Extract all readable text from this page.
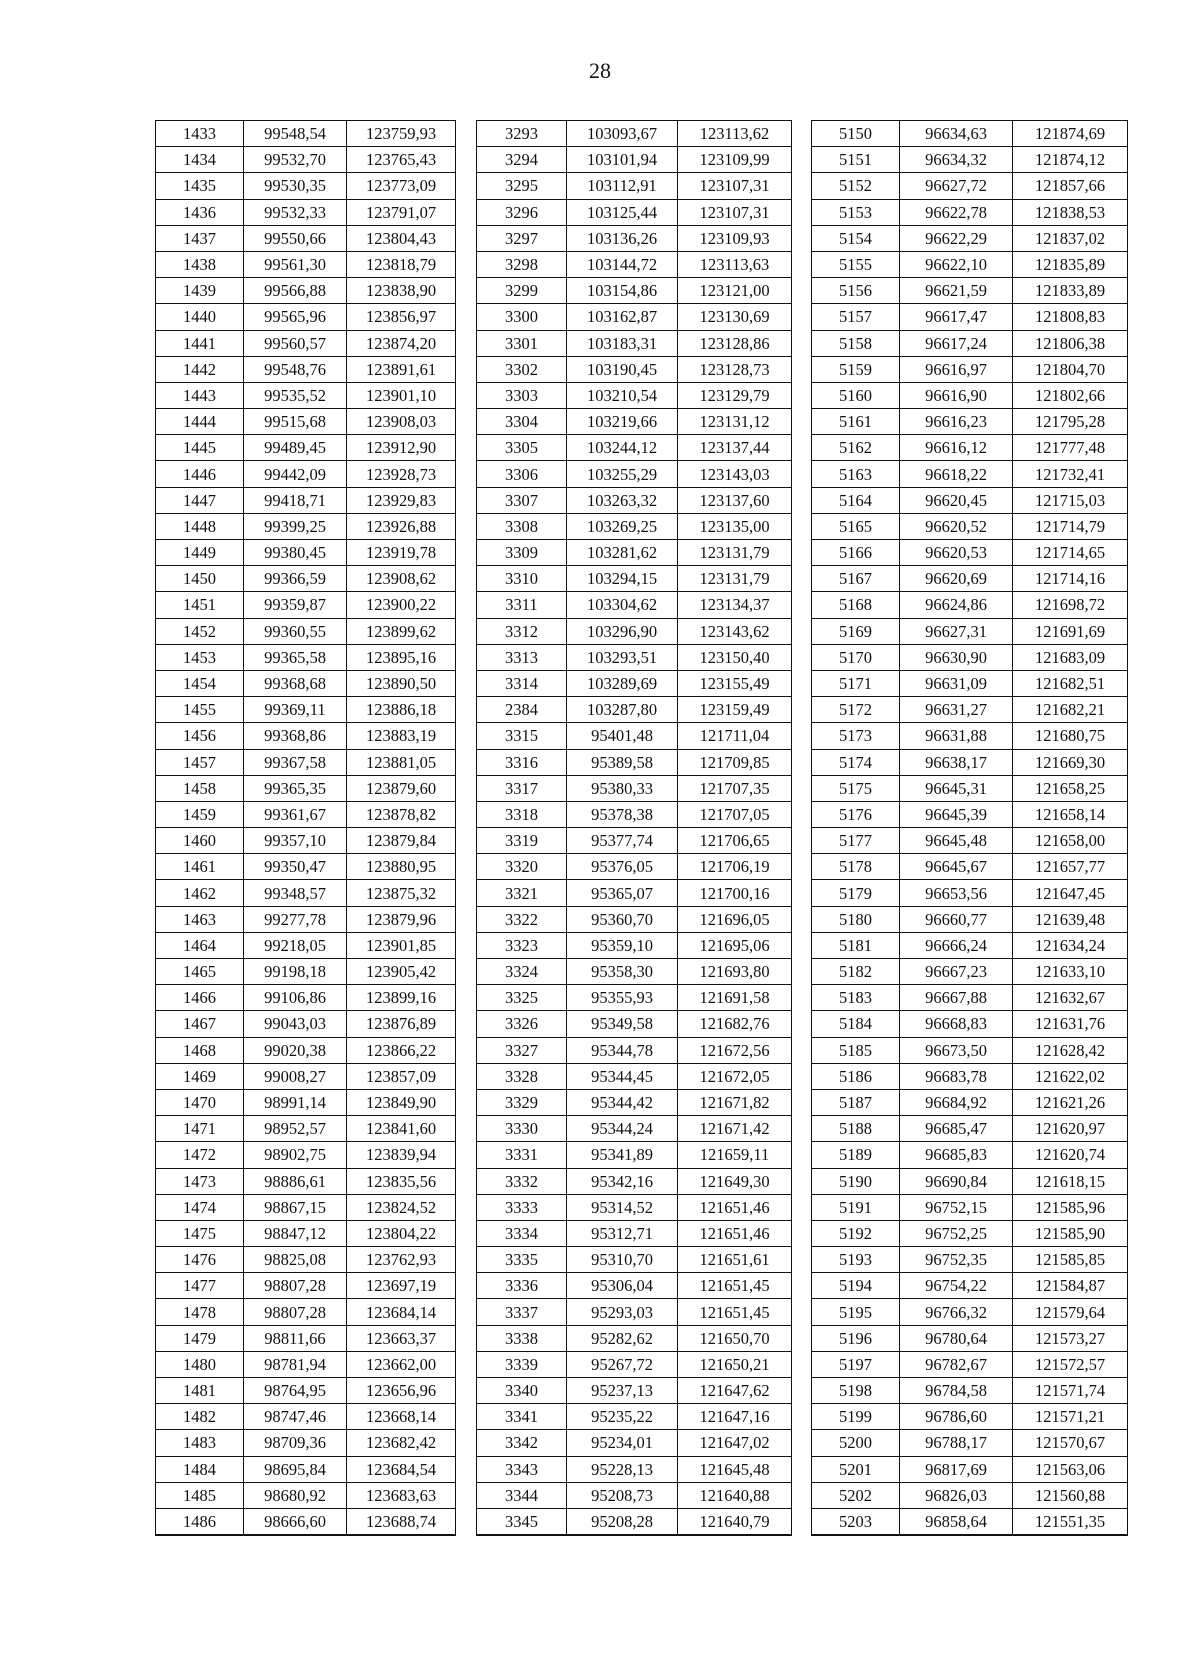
28
1433	99548,54	123759,93
1434	99532,70	123765,43
1435	99530,35	123773,09
1436	99532,33	123791,07
1437	99550,66	123804,43
1438	99561,30	123818,79
1439	99566,88	123838,90
1440	99565,96	123856,97
1441	99560,57	123874,20
1442	99548,76	123891,61
1443	99535,52	123901,10
1444	99515,68	123908,03
1445	99489,45	123912,90
1446	99442,09	123928,73
1447	99418,71	123929,83
1448	99399,25	123926,88
1449	99380,45	123919,78
1450	99366,59	123908,62
1451	99359,87	123900,22
1452	99360,55	123899,62
1453	99365,58	123895,16
1454	99368,68	123890,50
1455	99369,11	123886,18
1456	99368,86	123883,19
1457	99367,58	123881,05
1458	99365,35	123879,60
1459	99361,67	123878,82
1460	99357,10	123879,84
1461	99350,47	123880,95
1462	99348,57	123875,32
1463	99277,78	123879,96
1464	99218,05	123901,85
1465	99198,18	123905,42
1466	99106,86	123899,16
1467	99043,03	123876,89
1468	99020,38	123866,22
1469	99008,27	123857,09
1470	98991,14	123849,90
1471	98952,57	123841,60
1472	98902,75	123839,94
1473	98886,61	123835,56
1474	98867,15	123824,52
1475	98847,12	123804,22
1476	98825,08	123762,93
1477	98807,28	123697,19
1478	98807,28	123684,14
1479	98811,66	123663,37
1480	98781,94	123662,00
1481	98764,95	123656,96
1482	98747,46	123668,14
1483	98709,36	123682,42
1484	98695,84	123684,54
1485	98680,92	123683,63
1486	98666,60	123688,74
3293	103093,67	123113,62
3294	103101,94	123109,99
3295	103112,91	123107,31
3296	103125,44	123107,31
3297	103136,26	123109,93
3298	103144,72	123113,63
3299	103154,86	123121,00
3300	103162,87	123130,69
3301	103183,31	123128,86
3302	103190,45	123128,73
3303	103210,54	123129,79
3304	103219,66	123131,12
3305	103244,12	123137,44
3306	103255,29	123143,03
3307	103263,32	123137,60
3308	103269,25	123135,00
3309	103281,62	123131,79
3310	103294,15	123131,79
3311	103304,62	123134,37
3312	103296,90	123143,62
3313	103293,51	123150,40
3314	103289,69	123155,49
2384	103287,80	123159,49
3315	95401,48	121711,04
3316	95389,58	121709,85
3317	95380,33	121707,35
3318	95378,38	121707,05
3319	95377,74	121706,65
3320	95376,05	121706,19
3321	95365,07	121700,16
3322	95360,70	121696,05
3323	95359,10	121695,06
3324	95358,30	121693,80
3325	95355,93	121691,58
3326	95349,58	121682,76
3327	95344,78	121672,56
3328	95344,45	121672,05
3329	95344,42	121671,82
3330	95344,24	121671,42
3331	95341,89	121659,11
3332	95342,16	121649,30
3333	95314,52	121651,46
3334	95312,71	121651,46
3335	95310,70	121651,61
3336	95306,04	121651,45
3337	95293,03	121651,45
3338	95282,62	121650,70
3339	95267,72	121650,21
3340	95237,13	121647,62
3341	95235,22	121647,16
3342	95234,01	121647,02
3343	95228,13	121645,48
3344	95208,73	121640,88
3345	95208,28	121640,79
5150	96634,63	121874,69
5151	96634,32	121874,12
5152	96627,72	121857,66
5153	96622,78	121838,53
5154	96622,29	121837,02
5155	96622,10	121835,89
5156	96621,59	121833,89
5157	96617,47	121808,83
5158	96617,24	121806,38
5159	96616,97	121804,70
5160	96616,90	121802,66
5161	96616,23	121795,28
5162	96616,12	121777,48
5163	96618,22	121732,41
5164	96620,45	121715,03
5165	96620,52	121714,79
5166	96620,53	121714,65
5167	96620,69	121714,16
5168	96624,86	121698,72
5169	96627,31	121691,69
5170	96630,90	121683,09
5171	96631,09	121682,51
5172	96631,27	121682,21
5173	96631,88	121680,75
5174	96638,17	121669,30
5175	96645,31	121658,25
5176	96645,39	121658,14
5177	96645,48	121658,00
5178	96645,67	121657,77
5179	96653,56	121647,45
5180	96660,77	121639,48
5181	96666,24	121634,24
5182	96667,23	121633,10
5183	96667,88	121632,67
5184	96668,83	121631,76
5185	96673,50	121628,42
5186	96683,78	121622,02
5187	96684,92	121621,26
5188	96685,47	121620,97
5189	96685,83	121620,74
5190	96690,84	121618,15
5191	96752,15	121585,96
5192	96752,25	121585,90
5193	96752,35	121585,85
5194	96754,22	121584,87
5195	96766,32	121579,64
5196	96780,64	121573,27
5197	96782,67	121572,57
5198	96784,58	121571,74
5199	96786,60	121571,21
5200	96788,17	121570,67
5201	96817,69	121563,06
5202	96826,03	121560,88
5203	96858,64	121551,35
